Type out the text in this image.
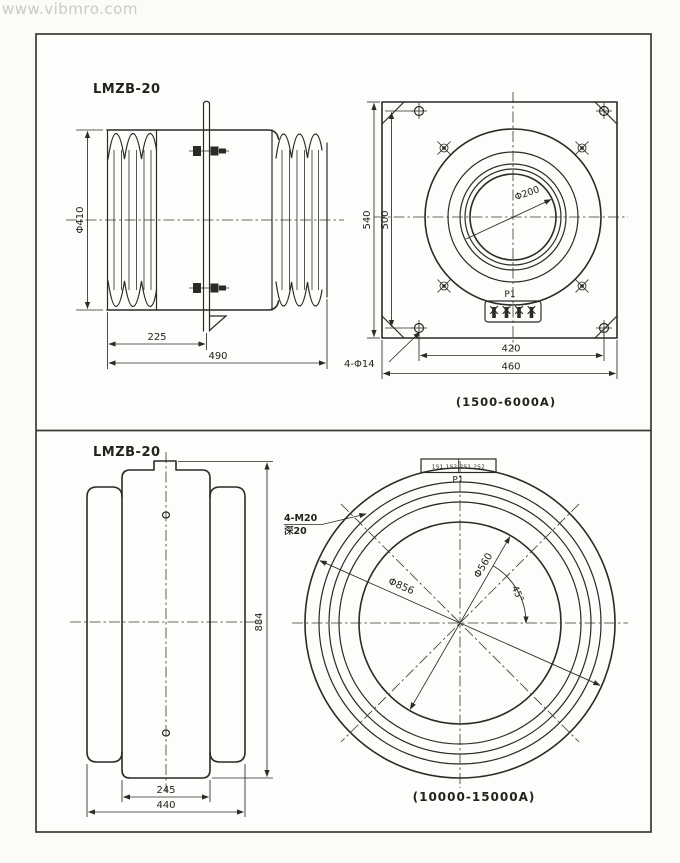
www.vibmro.com
LMZB-20
Φ410
225
490
Φ200
P1
540 500
420
460
4-Φ14
(1500-6000A)
LMZB-20
884
245
440
Φ856
Φ560
45°
4-M20
深20
1S1 1S2 2S1 2S2
P1
(10000-15000A)
